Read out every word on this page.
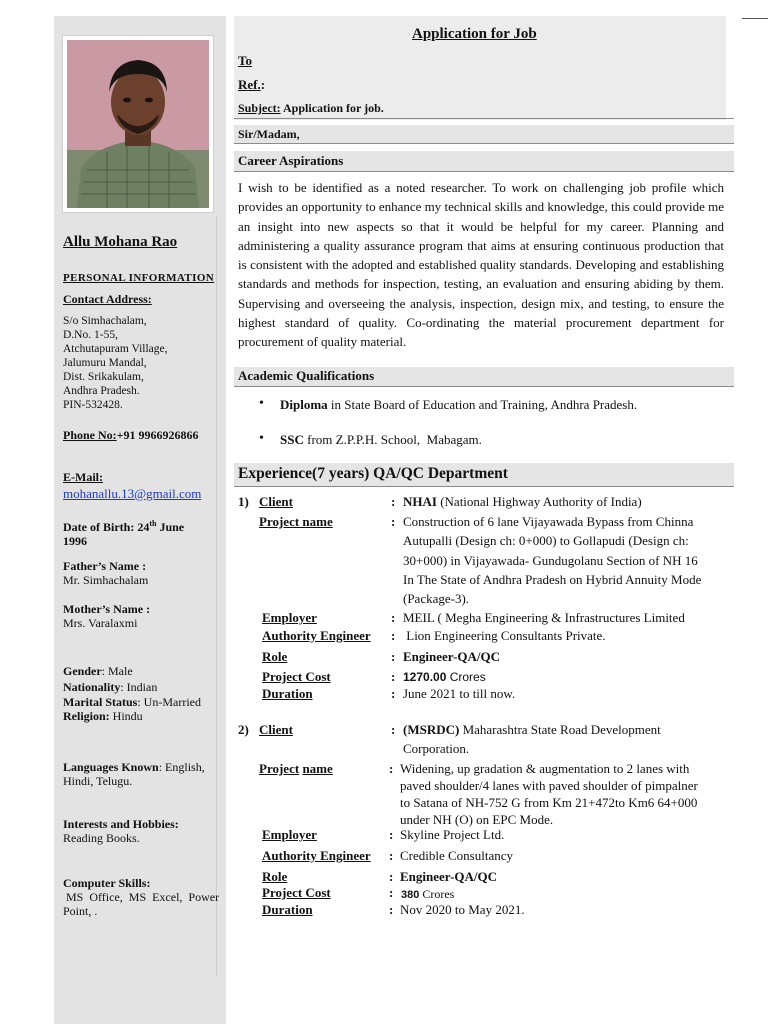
Allu Mohana Rao
PERSONAL INFORMATION
Contact Address:
S/o Simhachalam,
D.No. 1-55,
Atchutapuram Village,
Jalumuru Mandal,
Dist. Srikakulam,
Andhra Pradesh.
PIN-532428.
Phone No:+91 9966926866
E-Mail:
mohanallu.13@gmail.com
Date of Birth: 24th June
1996
Father’s Name :
Mr. Simhachalam
Mother’s Name :
Mrs. Varalaxmi
Gender: Male
Nationality: Indian
Marital Status: Un-Married
Religion: Hindu
Languages Known: English,
Hindi, Telugu.
Interests and Hobbies:
Reading Books.
Computer Skills:
MS  Office,  MS  Excel,  Power
Point, .
Application for Job
To
Ref.:
Subject: Application for job.
Sir/Madam,
Career Aspirations
I wish to be identified as a noted researcher. To work on challenging job profile which provides an opportunity to enhance my technical skills and knowledge, this could provide me an insight into new aspects so that it would be helpful for my career. Planning and administering a quality assurance program that aims at ensuring continuous production that is consistent with the adopted and established quality standards. Developing and establishing standards and methods for inspection, testing, an evaluation and ensuring abiding by them. Supervising and overseeing the analysis, inspection, design mix, and testing, to ensure the highest standard of quality. Co-ordinating the material procurement department for procurement of quality material.
Academic Qualifications
• Diploma in State Board of Education and Training, Andhra Pradesh.
• SSC from Z.P.P.H. School,  Mabagam.
Experience(7 years) QA/QC Department
1) Client	: NHAI (National Highway Authority of India)
Project name	: Construction of 6 lane Vijayawada Bypass from Chinna
Autupalli (Design ch: 0+000) to Gollapudi (Design ch:
30+000) in Vijayawada- Gundugolanu Section of NH 16
In The State of Andhra Pradesh on Hybrid Annuity Mode
(Package-3).
Employer	: MEIL ( Megha Engineering & Infrastructures Limited
Authority Engineer : Lion Engineering Consultants Private.
Role	: Engineer-QA/QC
Project Cost	: 1270.00 Crores
Duration	: June 2021 to till now.
2) Client	: (MSRDC) Maharashtra State Road Development
Corporation.
Project name	: Widening, up gradation & augmentation to 2 lanes with
paved shoulder/4 lanes with paved shoulder of pimpalner
to Satana of NH-752 G from Km 21+472to Km6 64+000
under NH (O) on EPC Mode.
Employer	: Skyline Project Ltd.
Authority Engineer : Credible Consultancy
Role	: Engineer-QA/QC
Project Cost	: 380 Crores
Duration	: Nov 2020 to May 2021.
